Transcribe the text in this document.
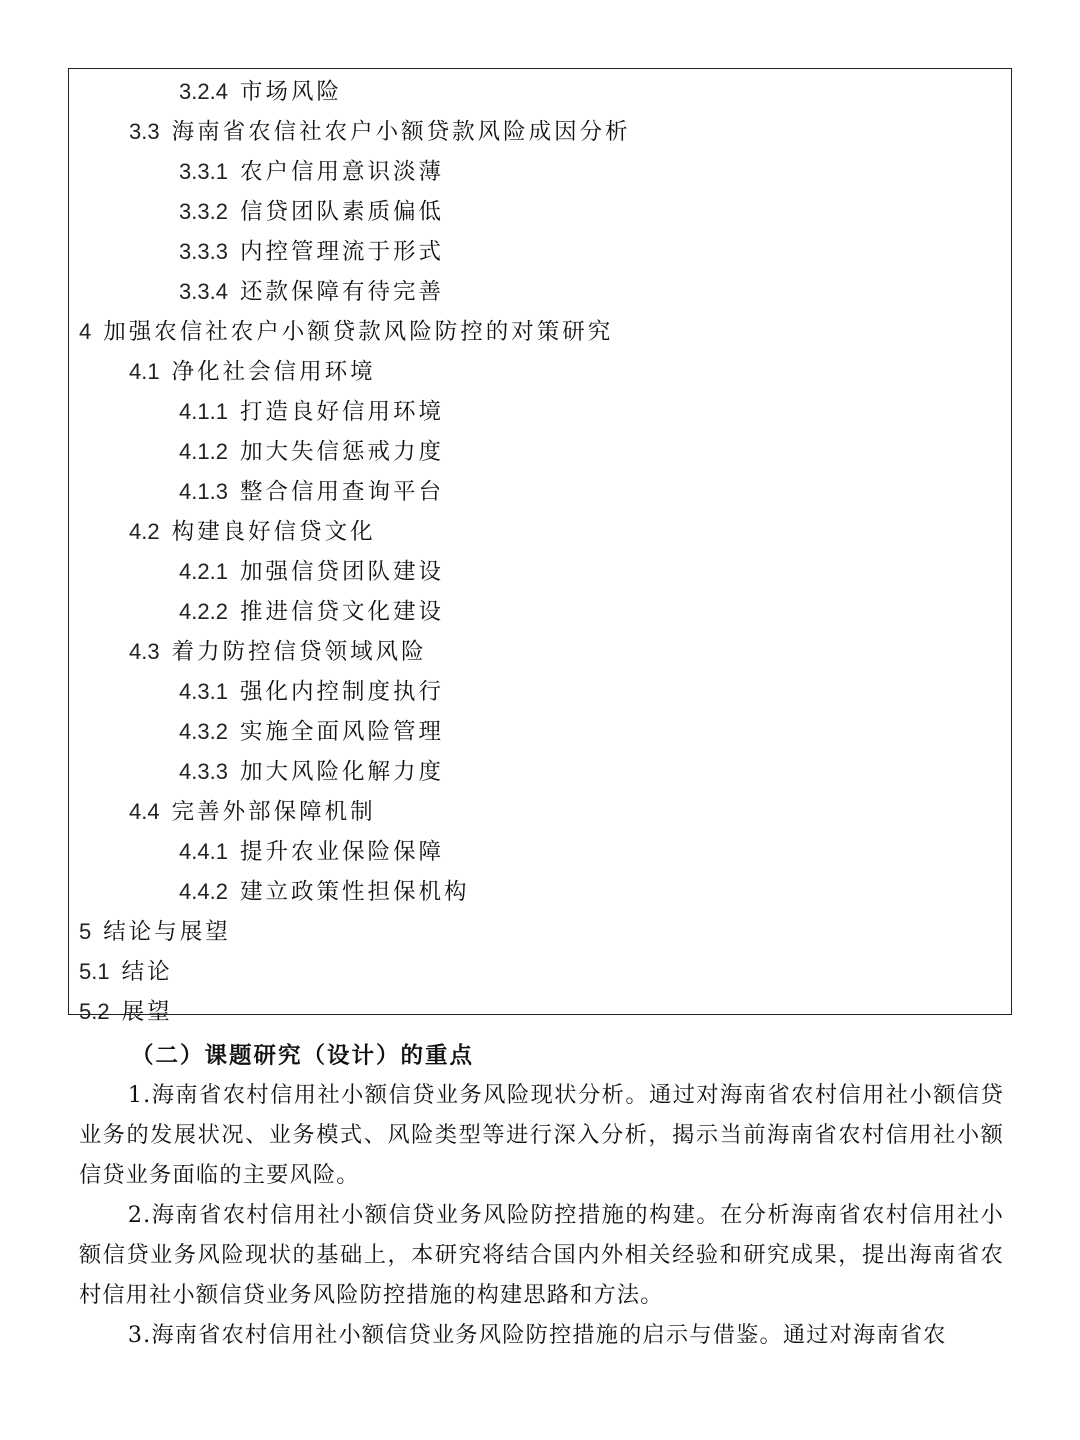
3.2.4 市场风险
3.3 海南省农信社农户小额贷款风险成因分析
3.3.1 农户信用意识淡薄
3.3.2 信贷团队素质偏低
3.3.3 内控管理流于形式
3.3.4 还款保障有待完善
4 加强农信社农户小额贷款风险防控的对策研究
4.1 净化社会信用环境
4.1.1 打造良好信用环境
4.1.2 加大失信惩戒力度
4.1.3 整合信用查询平台
4.2 构建良好信贷文化
4.2.1 加强信贷团队建设
4.2.2 推进信贷文化建设
4.3 着力防控信贷领域风险
4.3.1 强化内控制度执行
4.3.2 实施全面风险管理
4.3.3 加大风险化解力度
4.4 完善外部保障机制
4.4.1 提升农业保险保障
4.4.2 建立政策性担保机构
5 结论与展望
5.1 结论
5.2 展望
（二）课题研究（设计）的重点
1.海南省农村信用社小额信贷业务风险现状分析。通过对海南省农村信用社小额信贷业务的发展状况、业务模式、风险类型等进行深入分析，揭示当前海南省农村信用社小额信贷业务面临的主要风险。
2.海南省农村信用社小额信贷业务风险防控措施的构建。在分析海南省农村信用社小额信贷业务风险现状的基础上，本研究将结合国内外相关经验和研究成果，提出海南省农村信用社小额信贷业务风险防控措施的构建思路和方法。
3.海南省农村信用社小额信贷业务风险防控措施的启示与借鉴。通过对海南省农
